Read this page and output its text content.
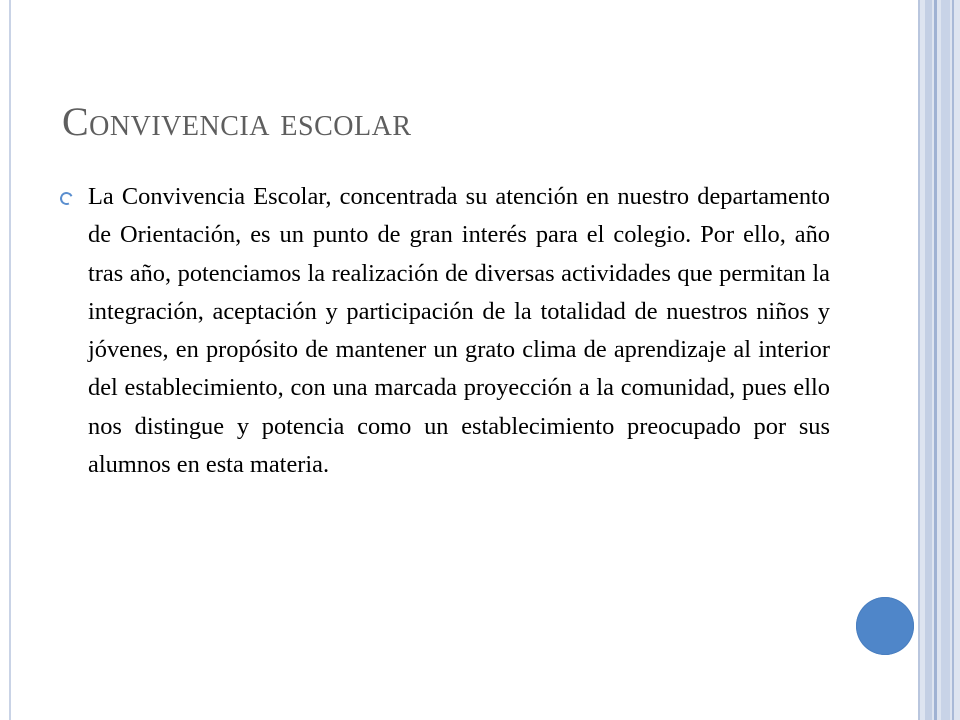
Convivencia escolar

La Convivencia Escolar, concentrada su atención en nuestro departamento de Orientación, es un punto de gran interés para el colegio. Por ello, año tras año, potenciamos la realización de diversas actividades que permitan la integración, aceptación y participación de la totalidad de nuestros niños y jóvenes, en propósito de mantener un grato clima de aprendizaje al interior del establecimiento, con una marcada proyección a la comunidad, pues ello nos distingue y potencia como un establecimiento preocupado por sus alumnos en esta materia.
